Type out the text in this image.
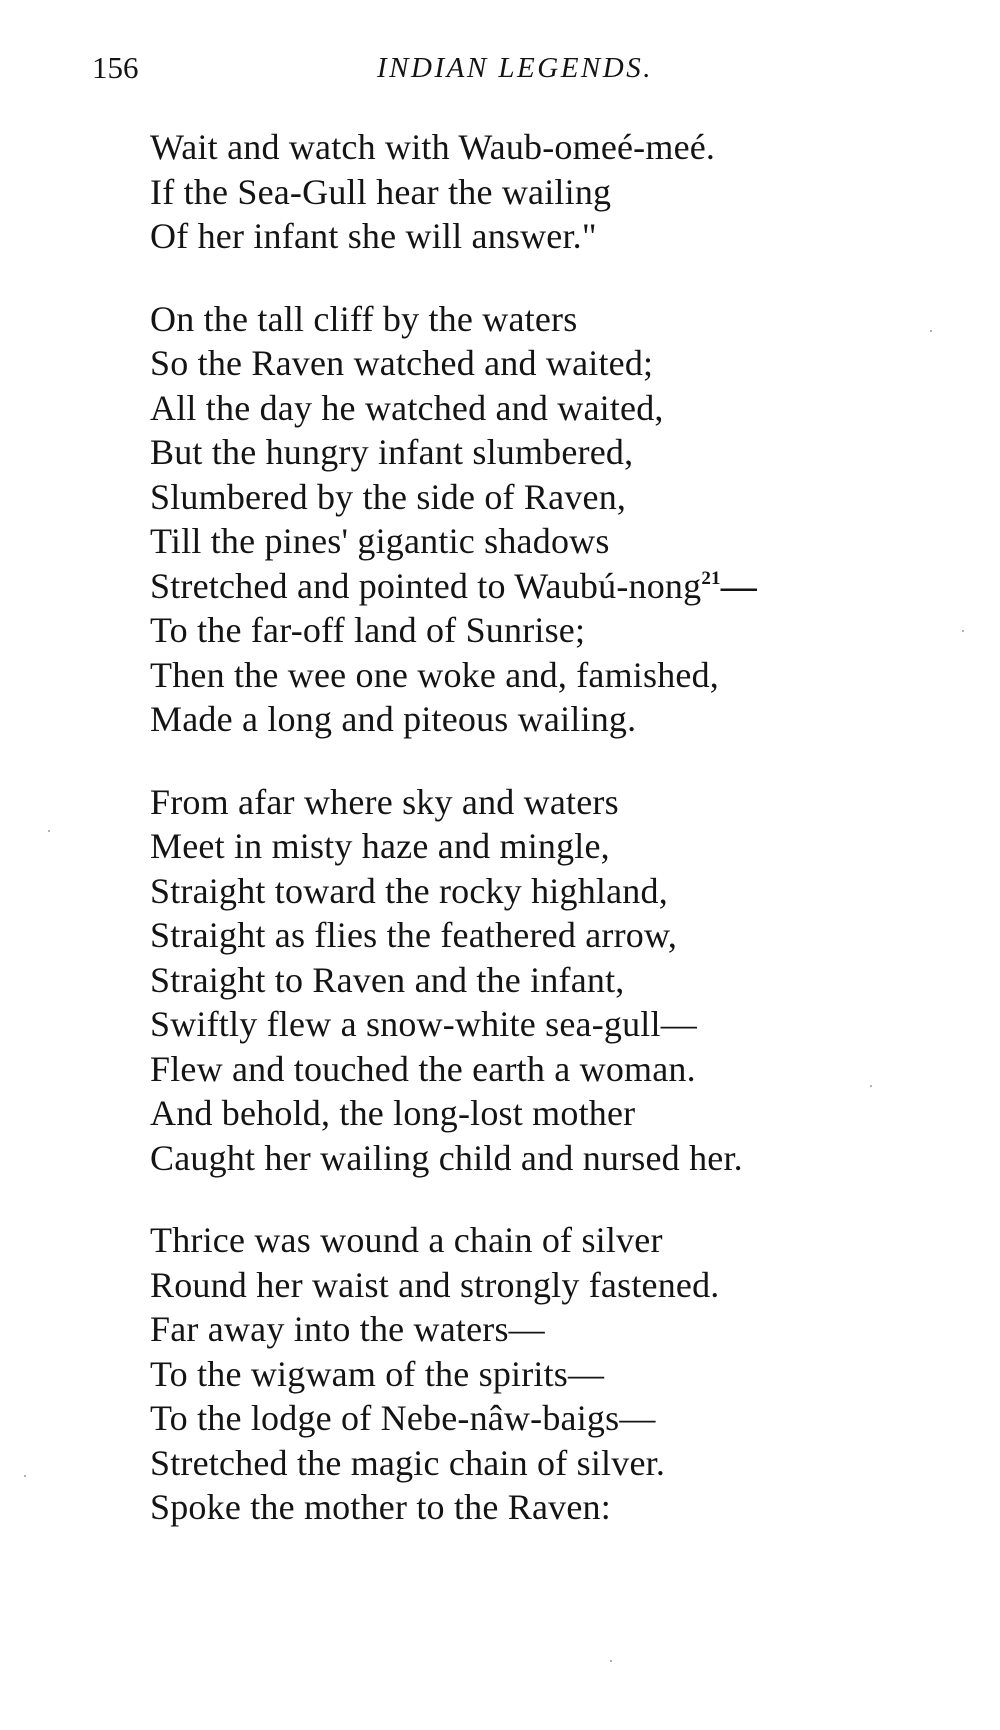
156	INDIAN LEGENDS.
Wait and watch with Waub-omeé-meé.
If the Sea-Gull hear the wailing
Of her infant she will answer."
On the tall cliff by the waters
So the Raven watched and waited;
All the day he watched and waited,
But the hungry infant slumbered,
Slumbered by the side of Raven,
Till the pines' gigantic shadows
Stretched and pointed to Waubú-nong$^{21}$—
To the far-off land of Sunrise;
Then the wee one woke and, famished,
Made a long and piteous wailing.
From afar where sky and waters
Meet in misty haze and mingle,
Straight toward the rocky highland,
Straight as flies the feathered arrow,
Straight to Raven and the infant,
Swiftly flew a snow-white sea-gull—
Flew and touched the earth a woman.
And behold, the long-lost mother
Caught her wailing child and nursed her.
Thrice was wound a chain of silver
Round her waist and strongly fastened.
Far away into the waters—
To the wigwam of the spirits—
To the lodge of Nebe-nâw-baigs—
Stretched the magic chain of silver.
Spoke the mother to the Raven:
